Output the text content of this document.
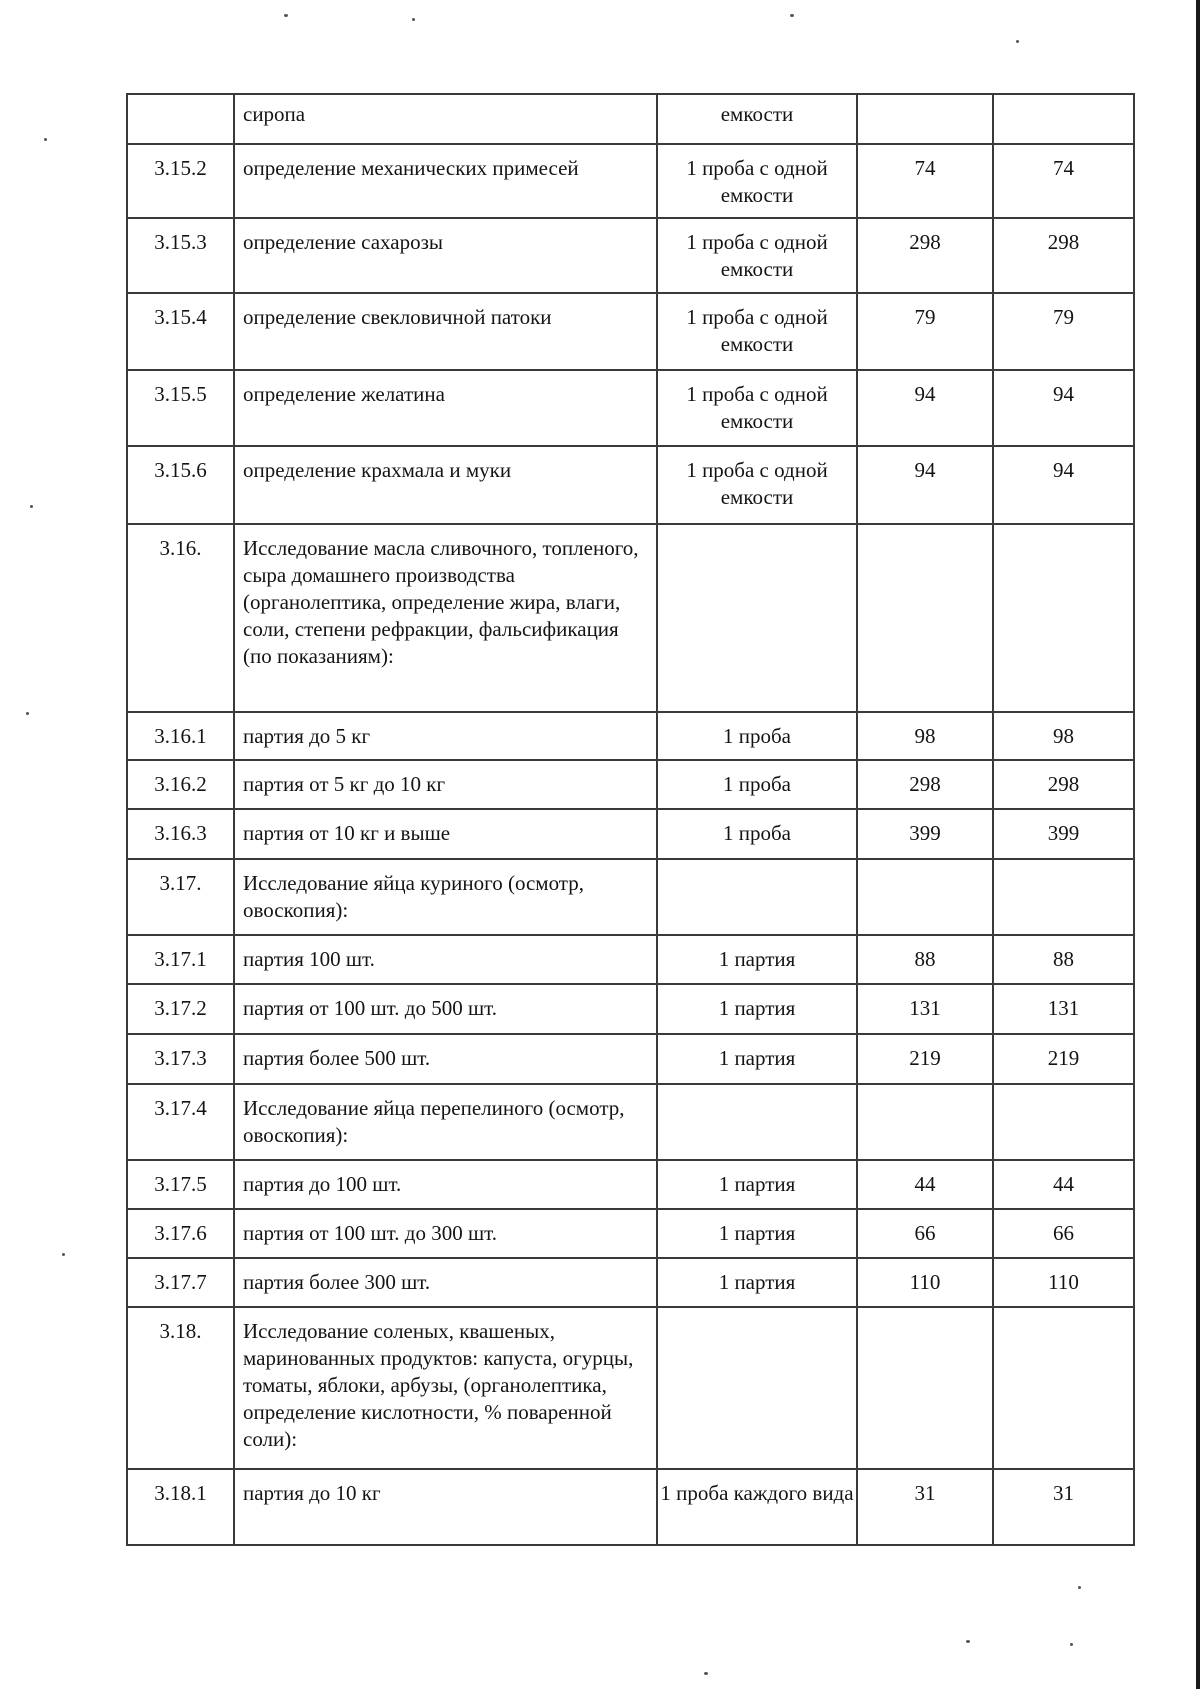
	сиропа	емкости		
3.15.2	определение механических примесей	1 проба с одной емкости	74	74
3.15.3	определение сахарозы	1 проба с одной емкости	298	298
3.15.4	определение свекловичной патоки	1 проба с одной емкости	79	79
3.15.5	определение желатина	1 проба с одной емкости	94	94
3.15.6	определение крахмала и муки	1 проба с одной емкости	94	94
3.16.	Исследование масла сливочного, топленого, сыра домашнего производства (органолептика, определение жира, влаги, соли, степени рефракции, фальсификация (по показаниям):			
3.16.1	партия до 5 кг	1 проба	98	98
3.16.2	партия от 5 кг до 10 кг	1 проба	298	298
3.16.3	партия от 10 кг и выше	1 проба	399	399
3.17.	Исследование яйца куриного (осмотр, овоскопия):			
3.17.1	партия 100 шт.	1 партия	88	88
3.17.2	партия от 100 шт. до 500 шт.	1 партия	131	131
3.17.3	партия более 500 шт.	1 партия	219	219
3.17.4	Исследование яйца перепелиного (осмотр, овоскопия):			
3.17.5	партия до 100 шт.	1 партия	44	44
3.17.6	партия от 100 шт. до 300 шт.	1 партия	66	66
3.17.7	партия более 300 шт.	1 партия	110	110
3.18.	Исследование соленых, квашеных, маринованных продуктов: капуста, огурцы, томаты, яблоки, арбузы, (органолептика, определение кислотности, % поваренной соли):			
3.18.1	партия до 10 кг	1 проба каждого вида	31	31
